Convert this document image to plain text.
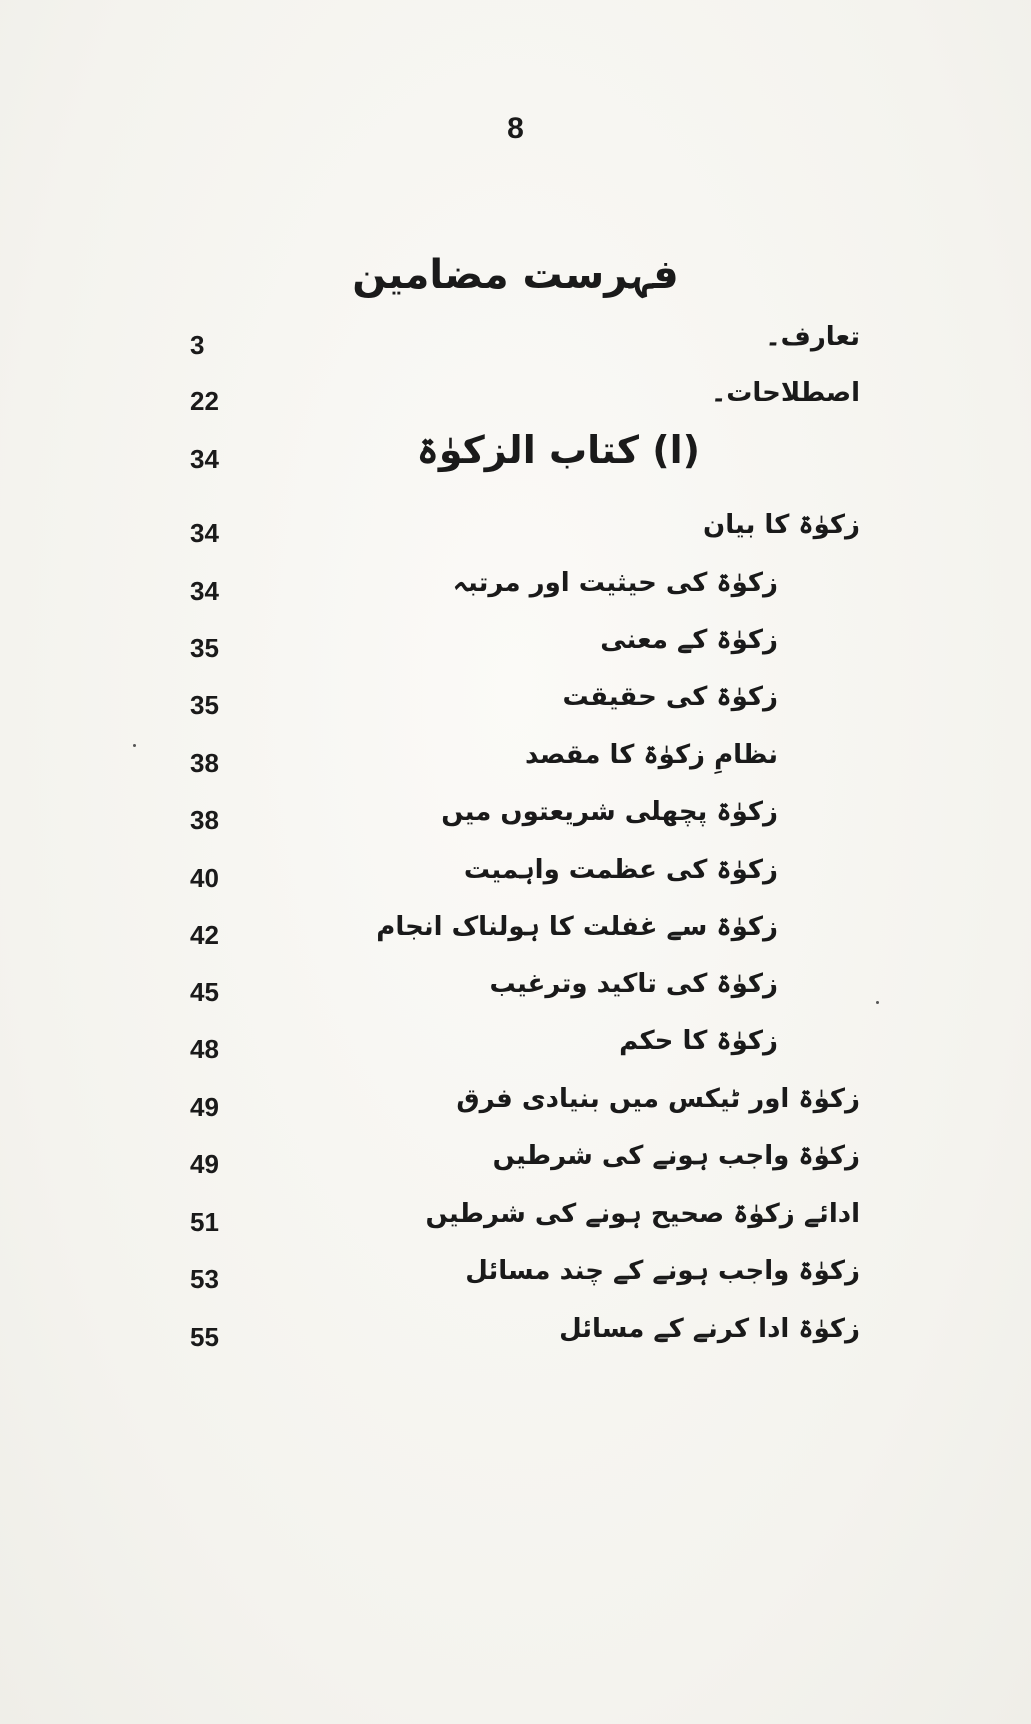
8
فہرست مضامین
3	تعارف۔
22	اصطلاحات۔
34	(ا) کتاب الزکوٰۃ
34	زکوٰۃ کا بیان
34	زکوٰۃ کی حیثیت اور مرتبہ
35	زکوٰۃ کے معنی
35	زکوٰۃ کی حقیقت
38	نظامِ زکوٰۃ کا مقصد
38	زکوٰۃ پچھلی شریعتوں میں
40	زکوٰۃ کی عظمت واہمیت
42	زکوٰۃ سے غفلت کا ہولناک انجام
45	زکوٰۃ کی تاکید وترغیب
48	زکوٰۃ کا حکم
49	زکوٰۃ اور ٹیکس میں بنیادی فرق
49	زکوٰۃ واجب ہونے کی شرطیں
51	ادائے زکوٰۃ صحیح ہونے کی شرطیں
53	زکوٰۃ واجب ہونے کے چند مسائل
55	زکوٰۃ ادا کرنے کے مسائل
